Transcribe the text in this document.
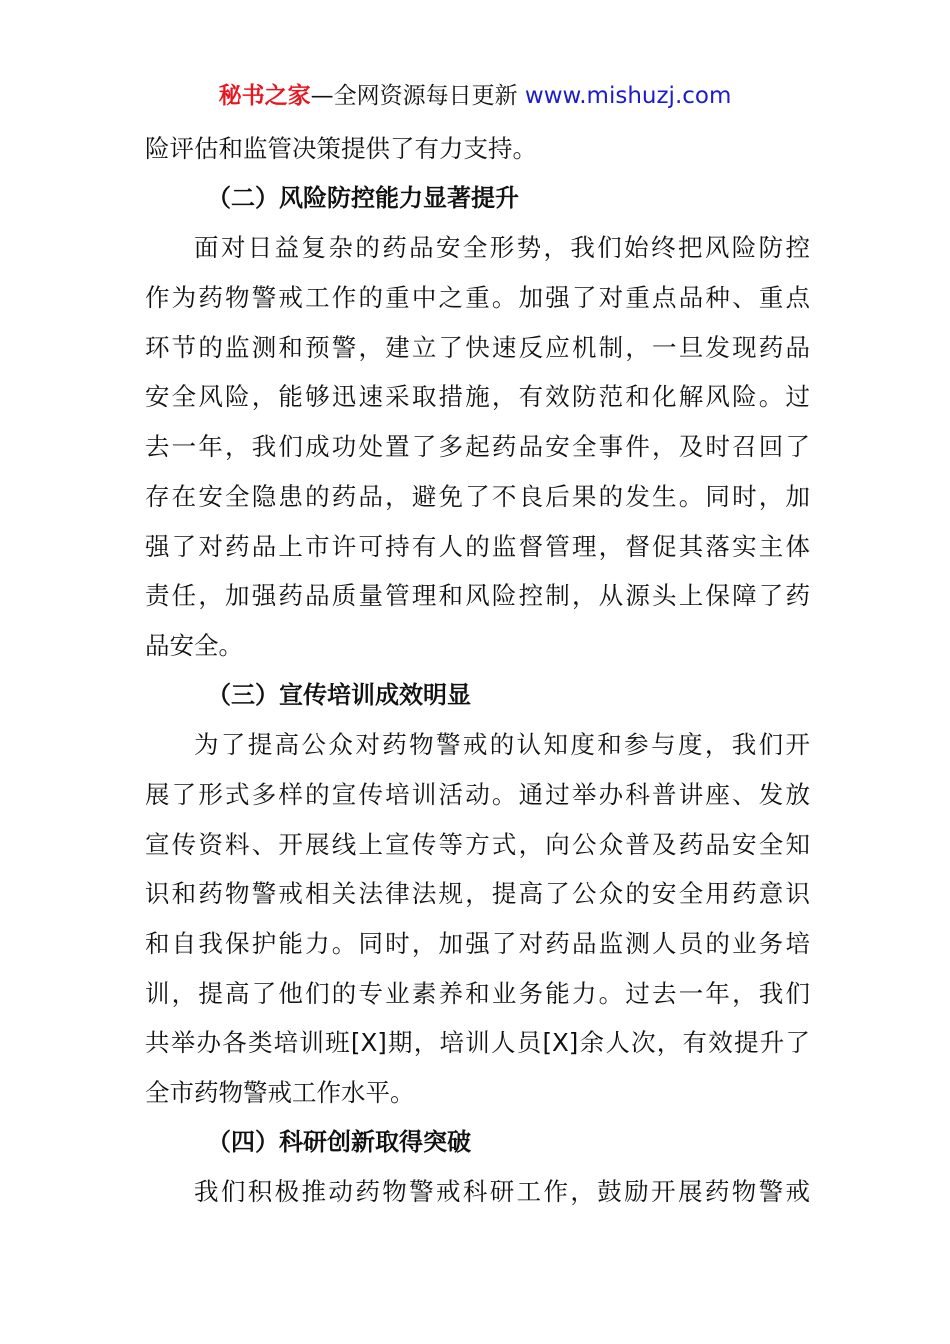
秘书之家—全网资源每日更新 www.mishuzj.com
险评估和监管决策提供了有力支持。
（二）风险防控能力显著提升
面对日益复杂的药品安全形势，我们始终把风险防控
作为药物警戒工作的重中之重。加强了对重点品种、重点
环节的监测和预警，建立了快速反应机制，一旦发现药品
安全风险，能够迅速采取措施，有效防范和化解风险。过
去一年，我们成功处置了多起药品安全事件，及时召回了
存在安全隐患的药品，避免了不良后果的发生。同时，加
强了对药品上市许可持有人的监督管理，督促其落实主体
责任，加强药品质量管理和风险控制，从源头上保障了药
品安全。
（三）宣传培训成效明显
为了提高公众对药物警戒的认知度和参与度，我们开
展了形式多样的宣传培训活动。通过举办科普讲座、发放
宣传资料、开展线上宣传等方式，向公众普及药品安全知
识和药物警戒相关法律法规，提高了公众的安全用药意识
和自我保护能力。同时，加强了对药品监测人员的业务培
训，提高了他们的专业素养和业务能力。过去一年，我们
共举办各类培训班[X]期，培训人员[X]余人次，有效提升了
全市药物警戒工作水平。
（四）科研创新取得突破
我们积极推动药物警戒科研工作，鼓励开展药物警戒
